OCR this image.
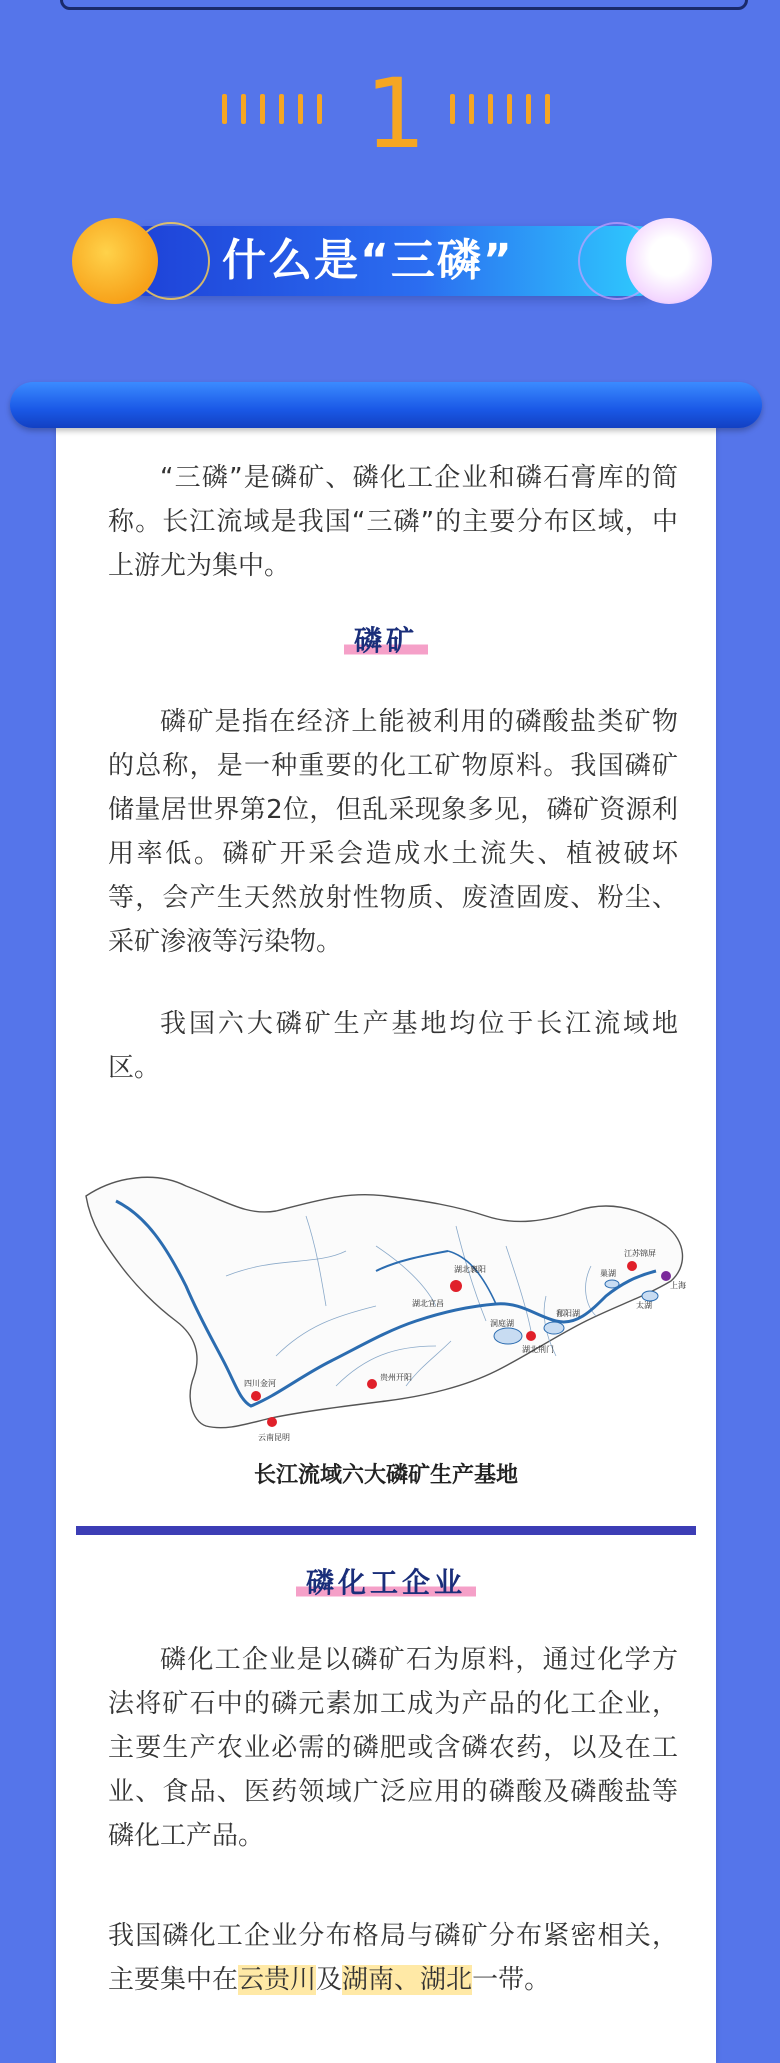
1
什么是“三磷”

“三磷”是磷矿、磷化工企业和磷石膏库的简称。长江流域是我国“三磷”的主要分布区域，中上游尤为集中。

磷矿

磷矿是指在经济上能被利用的磷酸盐类矿物的总称，是一种重要的化工矿物原料。我国磷矿储量居世界第2位，但乱采现象多见，磷矿资源利用率低。磷矿开采会造成水土流失、植被破坏等，会产生天然放射性物质、废渣固废、粉尘、采矿渗液等污染物。

我国六大磷矿生产基地均位于长江流域地区。

四川金河
云南昆明
贵州开阳
湖北宜昌
湖北襄阳
湖北荆门
洞庭湖
鄱阳湖
巢湖
太湖
上海
江苏锦屏
长江流域六大磷矿生产基地
磷化工企业

磷化工企业是以磷矿石为原料，通过化学方法将矿石中的磷元素加工成为产品的化工企业，主要生产农业必需的磷肥或含磷农药，以及在工业、食品、医药领域广泛应用的磷酸及磷酸盐等磷化工产品。

我国磷化工企业分布格局与磷矿分布紧密相关，主要集中在云贵川及湖南、湖北一带。
